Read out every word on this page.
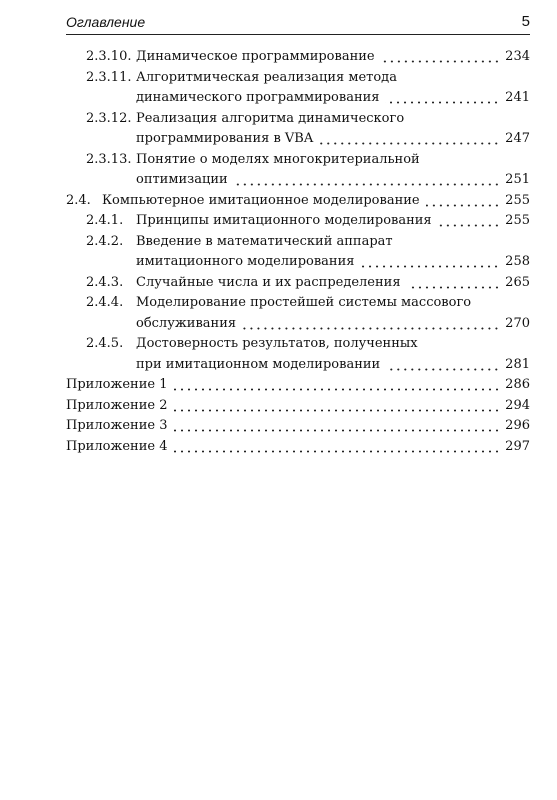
Оглавление	5
2.3.10. Динамическое программирование	234
2.3.11. Алгоритмическая реализация метода
динамического программирования	241
2.3.12. Реализация алгоритма динамического
программирования в VBA	247
2.3.13. Понятие о моделях многокритериальной
оптимизации	251
2.4. Компьютерное имитационное моделирование	255
2.4.1. Принципы имитационного моделирования	255
2.4.2. Введение в математический аппарат
имитационного моделирования	258
2.4.3. Случайные числа и их распределения	265
2.4.4. Моделирование простейшей системы массового
обслуживания	270
2.4.5. Достоверность результатов, полученных
при имитационном моделировании	281
Приложение 1	286
Приложение 2	294
Приложение 3	296
Приложение 4	297
